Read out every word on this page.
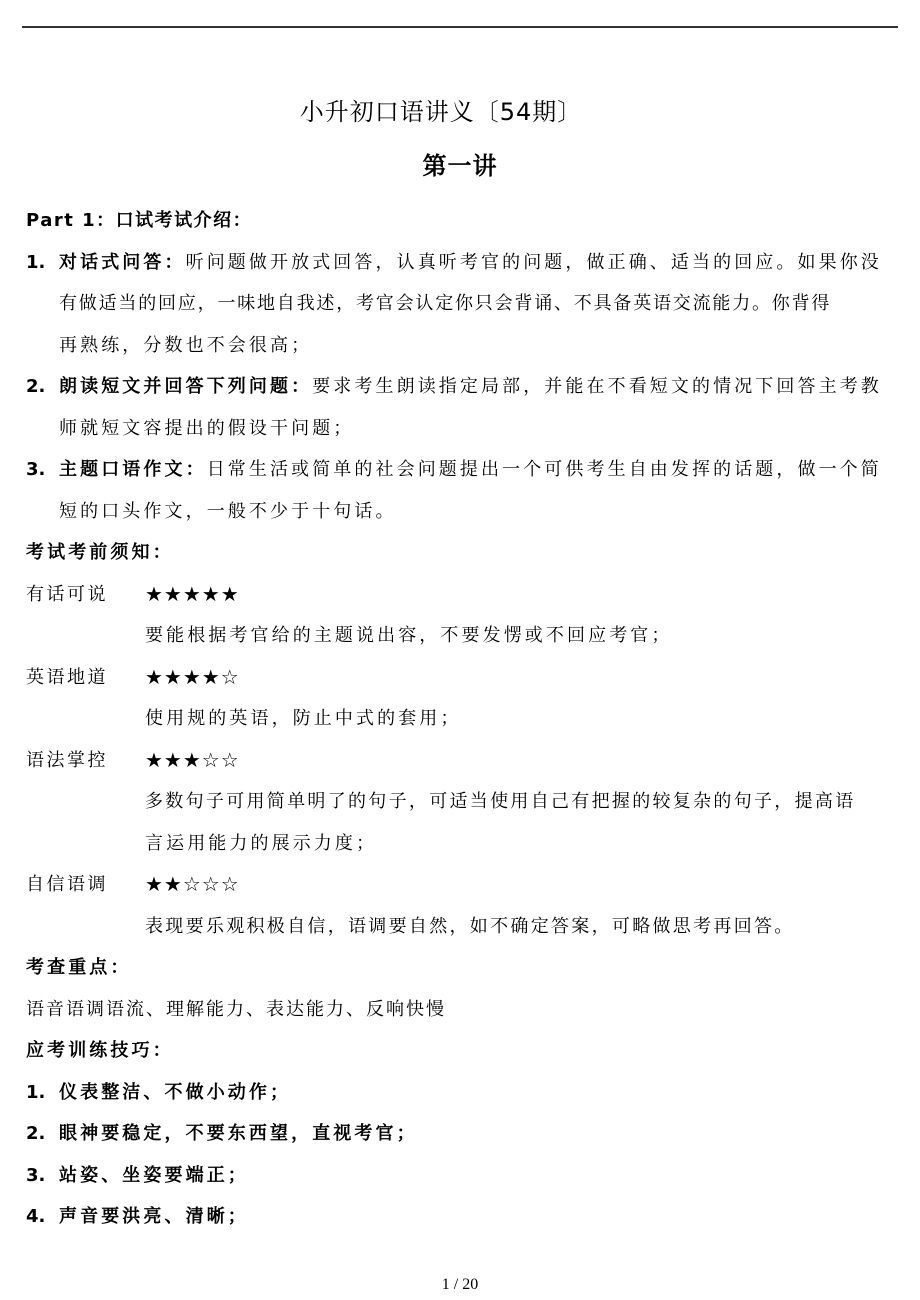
小升初口语讲义〔54期〕
第一讲
Part 1：口试考试介绍：
1. 对话式问答：听问题做开放式回答，认真听考官的问题，做正确、适当的回应。如果你没
有做适当的回应，一味地自我述，考官会认定你只会背诵、不具备英语交流能力。你背得
再熟练，分数也不会很高；
2. 朗读短文并回答下列问题：要求考生朗读指定局部，并能在不看短文的情况下回答主考教
师就短文容提出的假设干问题；
3. 主题口语作文：日常生活或简单的社会问题提出一个可供考生自由发挥的话题，做一个简
短的口头作文，一般不少于十句话。
考试考前须知：
有话可说	★★★★★
要能根据考官给的主题说出容，不要发愣或不回应考官；
英语地道	★★★★☆
使用规的英语，防止中式的套用；
语法掌控	★★★☆☆
多数句子可用简单明了的句子，可适当使用自己有把握的较复杂的句子，提高语
言运用能力的展示力度；
自信语调	★★☆☆☆
表现要乐观积极自信，语调要自然，如不确定答案，可略做思考再回答。
考查重点：
语音语调语流、理解能力、表达能力、反响快慢
应考训练技巧：
1. 仪表整洁、不做小动作；
2. 眼神要稳定，不要东西望，直视考官；
3. 站姿、坐姿要端正；
4. 声音要洪亮、清晰；
1 / 20
